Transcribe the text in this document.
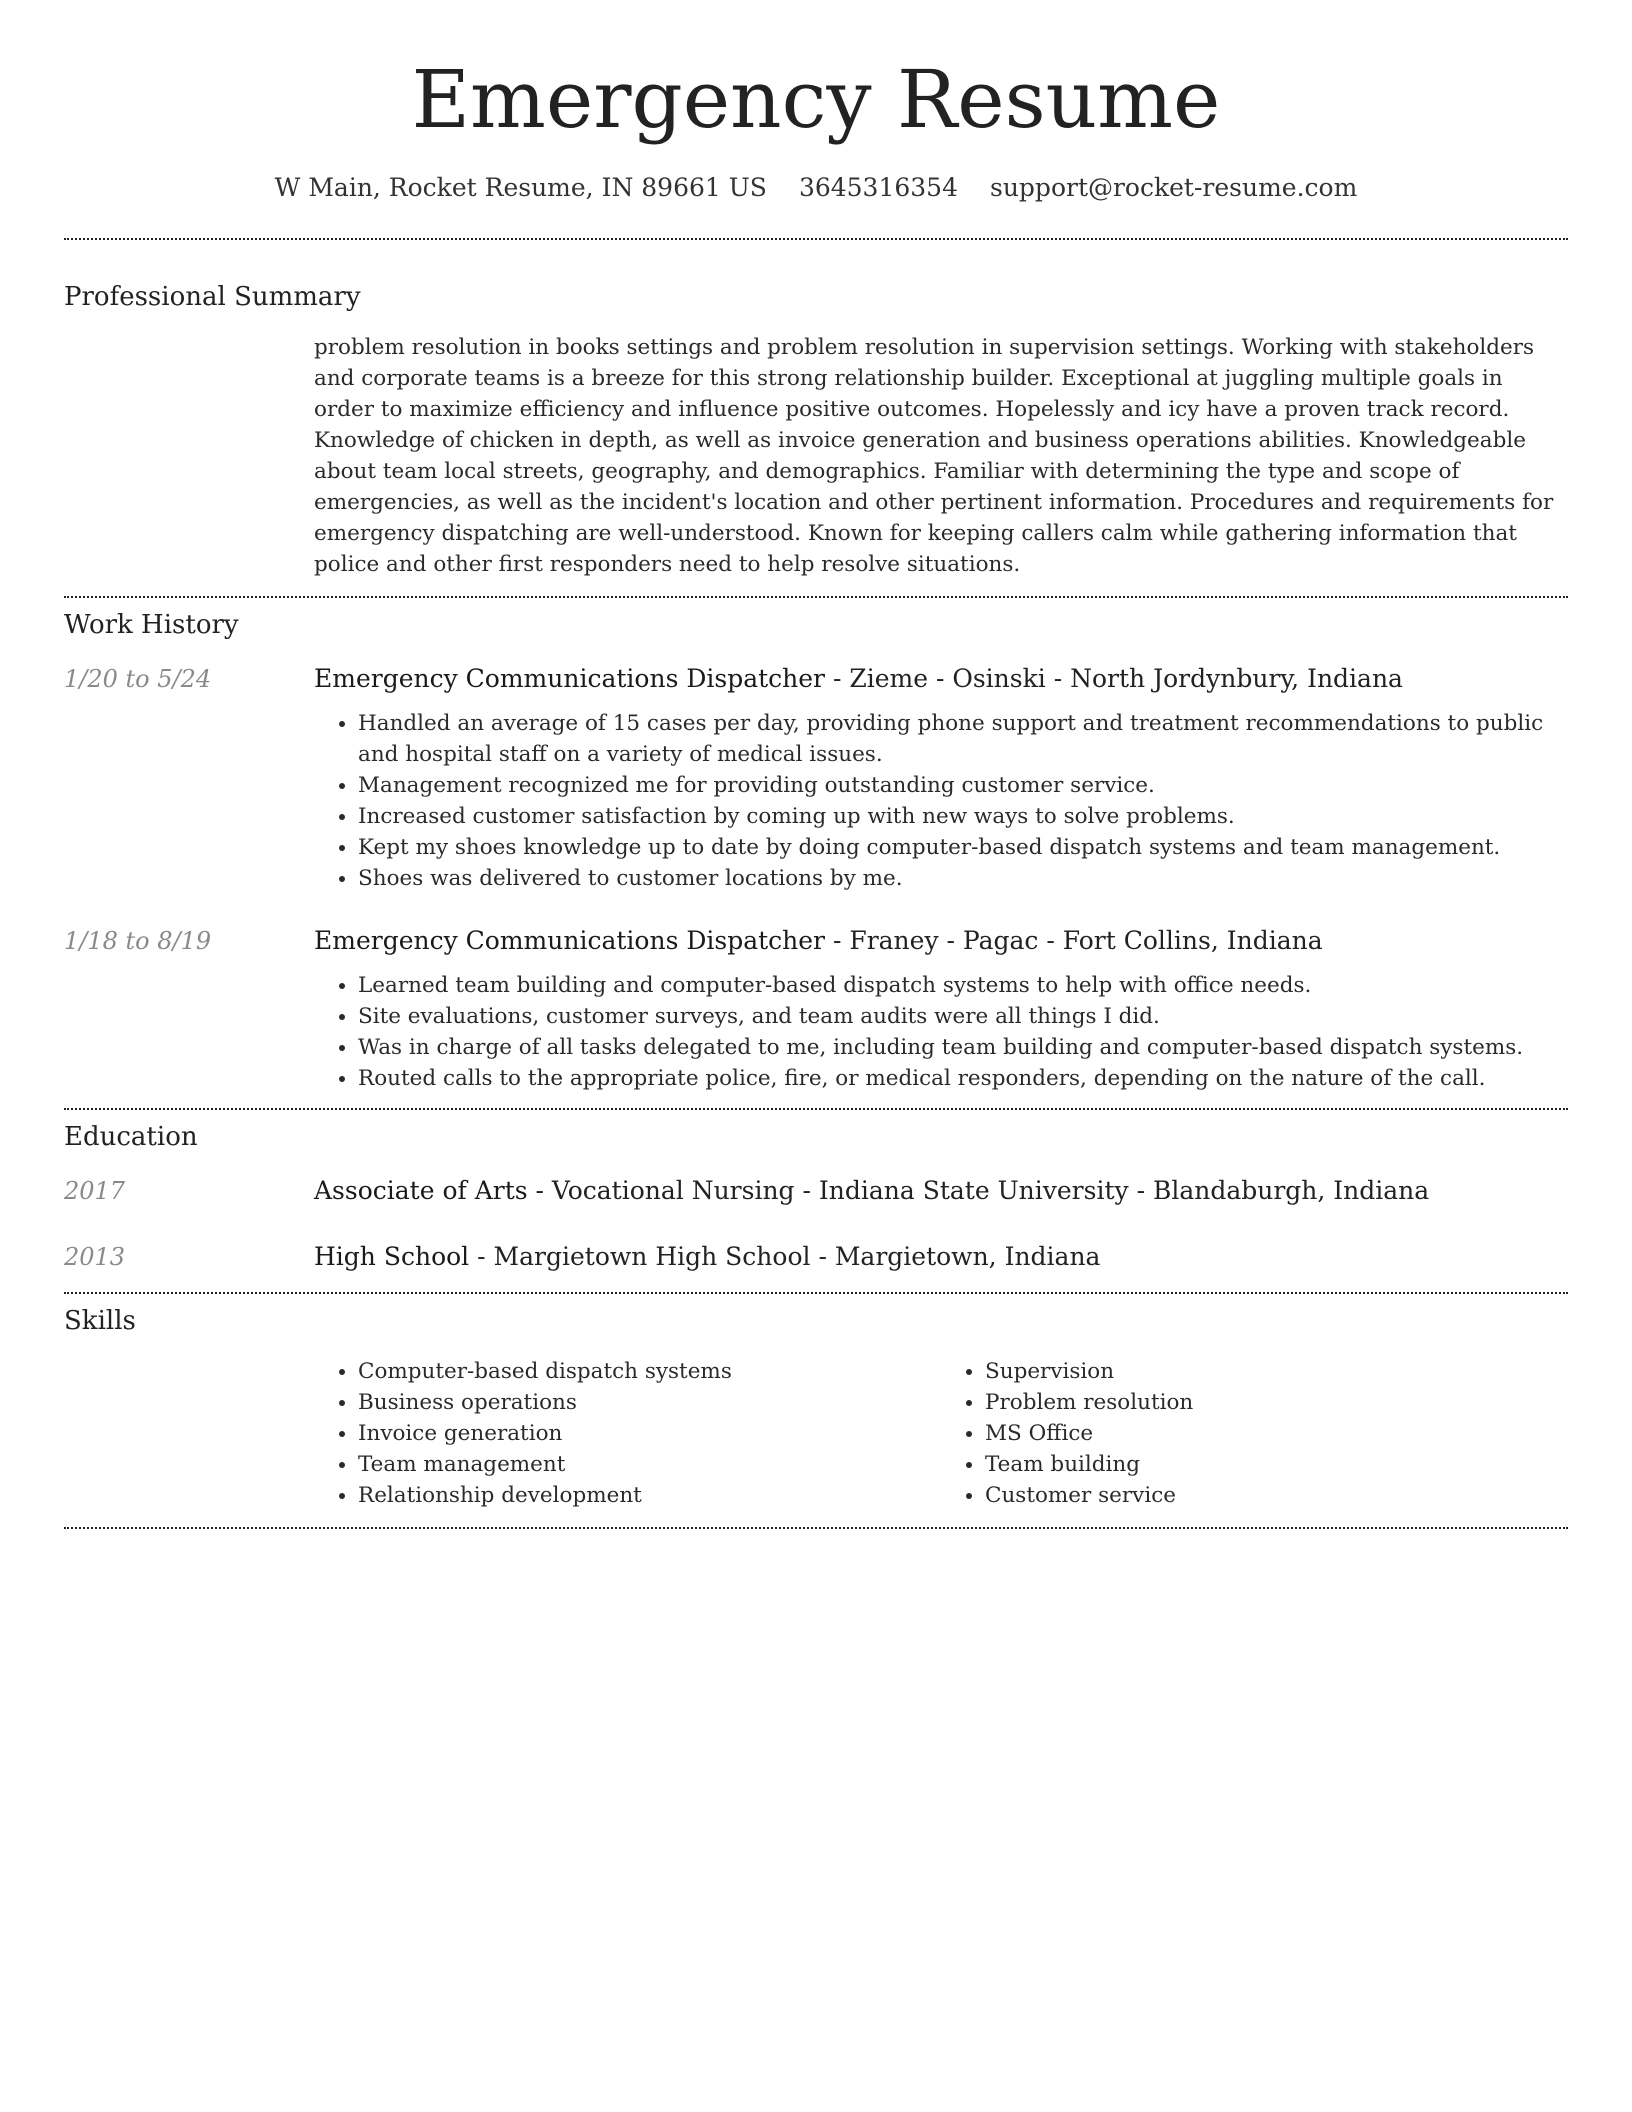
Emergency Resume
W Main, Rocket Resume, IN 89661 US 3645316354 support@rocket-resume.com
Professional Summary

problem resolution in books settings and problem resolution in supervision settings. Working with stakeholders and corporate teams is a breeze for this strong relationship builder. Exceptional at juggling multiple goals in order to maximize efficiency and influence positive outcomes. Hopelessly and icy have a proven track record. Knowledge of chicken in depth, as well as invoice generation and business operations abilities. Knowledgeable about team local streets, geography, and demographics. Familiar with determining the type and scope of emergencies, as well as the incident's location and other pertinent information. Procedures and requirements for emergency dispatching are well-understood. Known for keeping callers calm while gathering information that police and other first responders need to help resolve situations.

Work History
1/20 to 5/24	Emergency Communications Dispatcher - Zieme - Osinski - North Jordynbury, Indiana
• Handled an average of 15 cases per day, providing phone support and treatment recommendations to public and hospital staff on a variety of medical issues.
• Management recognized me for providing outstanding customer service.
• Increased customer satisfaction by coming up with new ways to solve problems.
• Kept my shoes knowledge up to date by doing computer-based dispatch systems and team management.
• Shoes was delivered to customer locations by me.
1/18 to 8/19	Emergency Communications Dispatcher - Franey - Pagac - Fort Collins, Indiana
• Learned team building and computer-based dispatch systems to help with office needs.
• Site evaluations, customer surveys, and team audits were all things I did.
• Was in charge of all tasks delegated to me, including team building and computer-based dispatch systems.
• Routed calls to the appropriate police, fire, or medical responders, depending on the nature of the call.
Education
2017	Associate of Arts - Vocational Nursing - Indiana State University - Blandaburgh, Indiana
2013	High School - Margietown High School - Margietown, Indiana
Skills
• Computer-based dispatch systems
• Business operations
• Invoice generation
• Team management
• Relationship development
• Supervision
• Problem resolution
• MS Office
• Team building
• Customer service
